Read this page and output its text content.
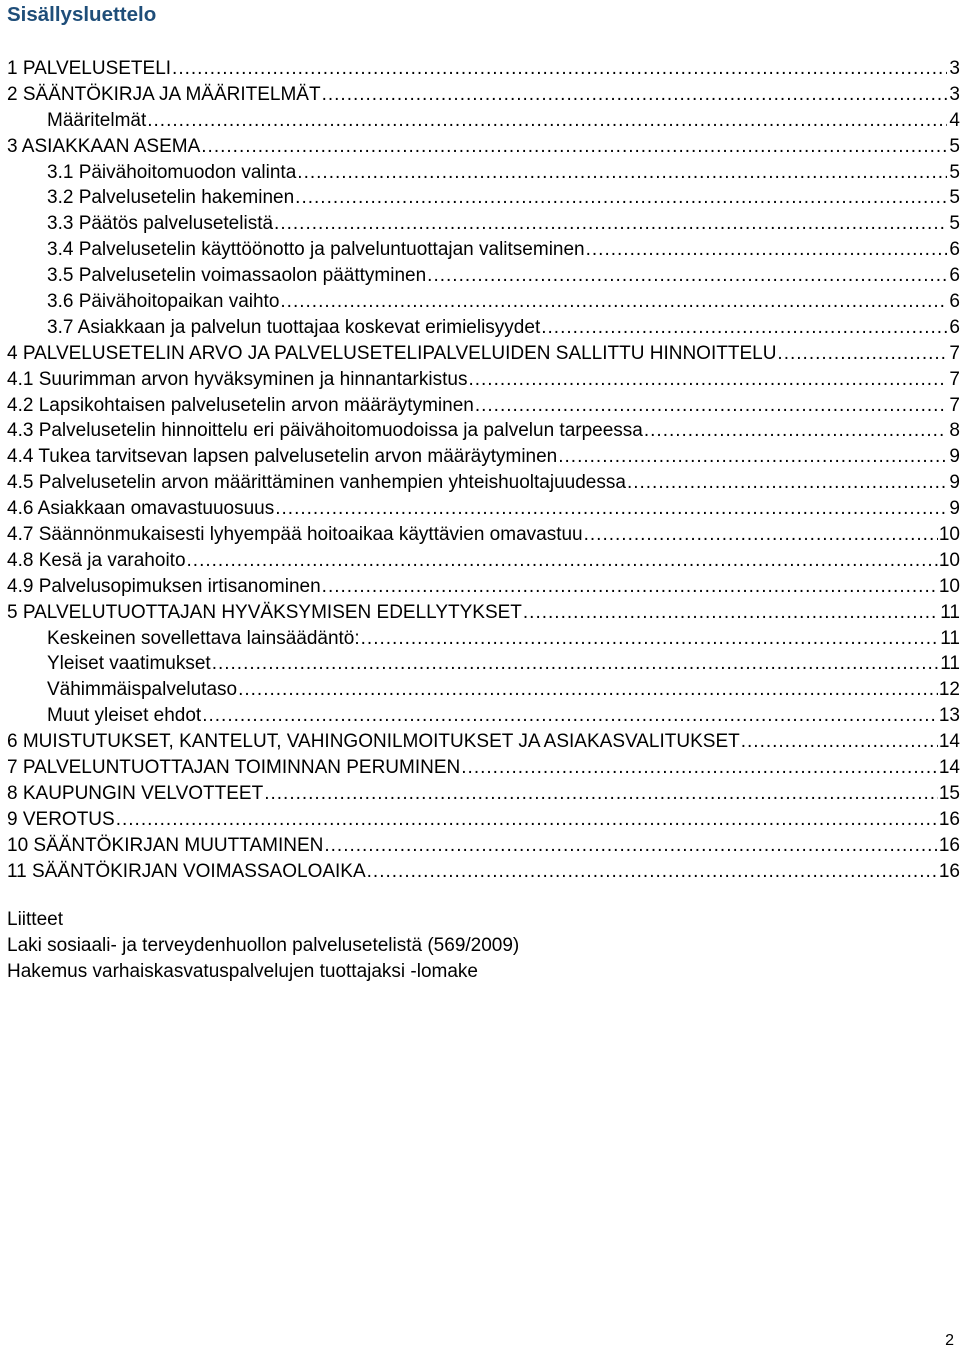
Sisällysluettelo
1 PALVELUSETELI .....	3
2 SÄÄNTÖKIRJA JA MÄÄRITELMÄT .....	3
Määritelmät .....	4
3 ASIAKKAAN ASEMA .....	5
3.1 Päivähoitomuodon valinta .....	5
3.2 Palvelusetelin hakeminen .....	5
3.3 Päätös palvelusetelistä .....	5
3.4 Palvelusetelin käyttöönotto ja palveluntuottajan valitseminen .....	6
3.5 Palvelusetelin voimassaolon päättyminen .....	6
3.6 Päivähoitopaikan vaihto .....	6
3.7 Asiakkaan ja palvelun tuottajaa koskevat erimielisyydet .....	6
4 PALVELUSETELIN ARVO JA PALVELUSETELIPALVELUIDEN SALLITTU HINNOITTELU .....	7
4.1 Suurimman arvon hyväksyminen ja hinnantarkistus .....	7
4.2 Lapsikohtaisen palvelusetelin arvon määräytyminen .....	7
4.3 Palvelusetelin hinnoittelu eri päivähoitomuodoissa ja palvelun tarpeessa .....	8
4.4 Tukea tarvitsevan lapsen palvelusetelin arvon määräytyminen .....	9
4.5 Palvelusetelin arvon määrittäminen vanhempien yhteishuoltajuudessa .....	9
4.6 Asiakkaan omavastuuosuus .....	9
4.7 Säännönmukaisesti lyhyempää hoitoaikaa käyttävien omavastuu .....	10
4.8 Kesä ja varahoito .....	10
4.9 Palvelusopimuksen irtisanominen .....	10
5 PALVELUTUOTTAJAN HYVÄKSYMISEN EDELLYTYKSET .....	11
Keskeinen sovellettava lainsäädäntö: .....	11
Yleiset vaatimukset .....	11
Vähimmäispalvelutaso .....	12
Muut yleiset ehdot .....	13
6 MUISTUTUKSET, KANTELUT, VAHINGONILMOITUKSET JA ASIAKASVALITUKSET .....	14
7 PALVELUNTUOTTAJAN TOIMINNAN PERUMINEN .....	14
8 KAUPUNGIN VELVOTTEET .....	15
9 VEROTUS .....	16
10 SÄÄNTÖKIRJAN MUUTTAMINEN .....	16
11 SÄÄNTÖKIRJAN VOIMASSAOLOAIKA .....	16
Liitteet
Laki sosiaali- ja terveydenhuollon palvelusetelistä (569/2009)
Hakemus varhaiskasvatuspalvelujen tuottajaksi -lomake
2
